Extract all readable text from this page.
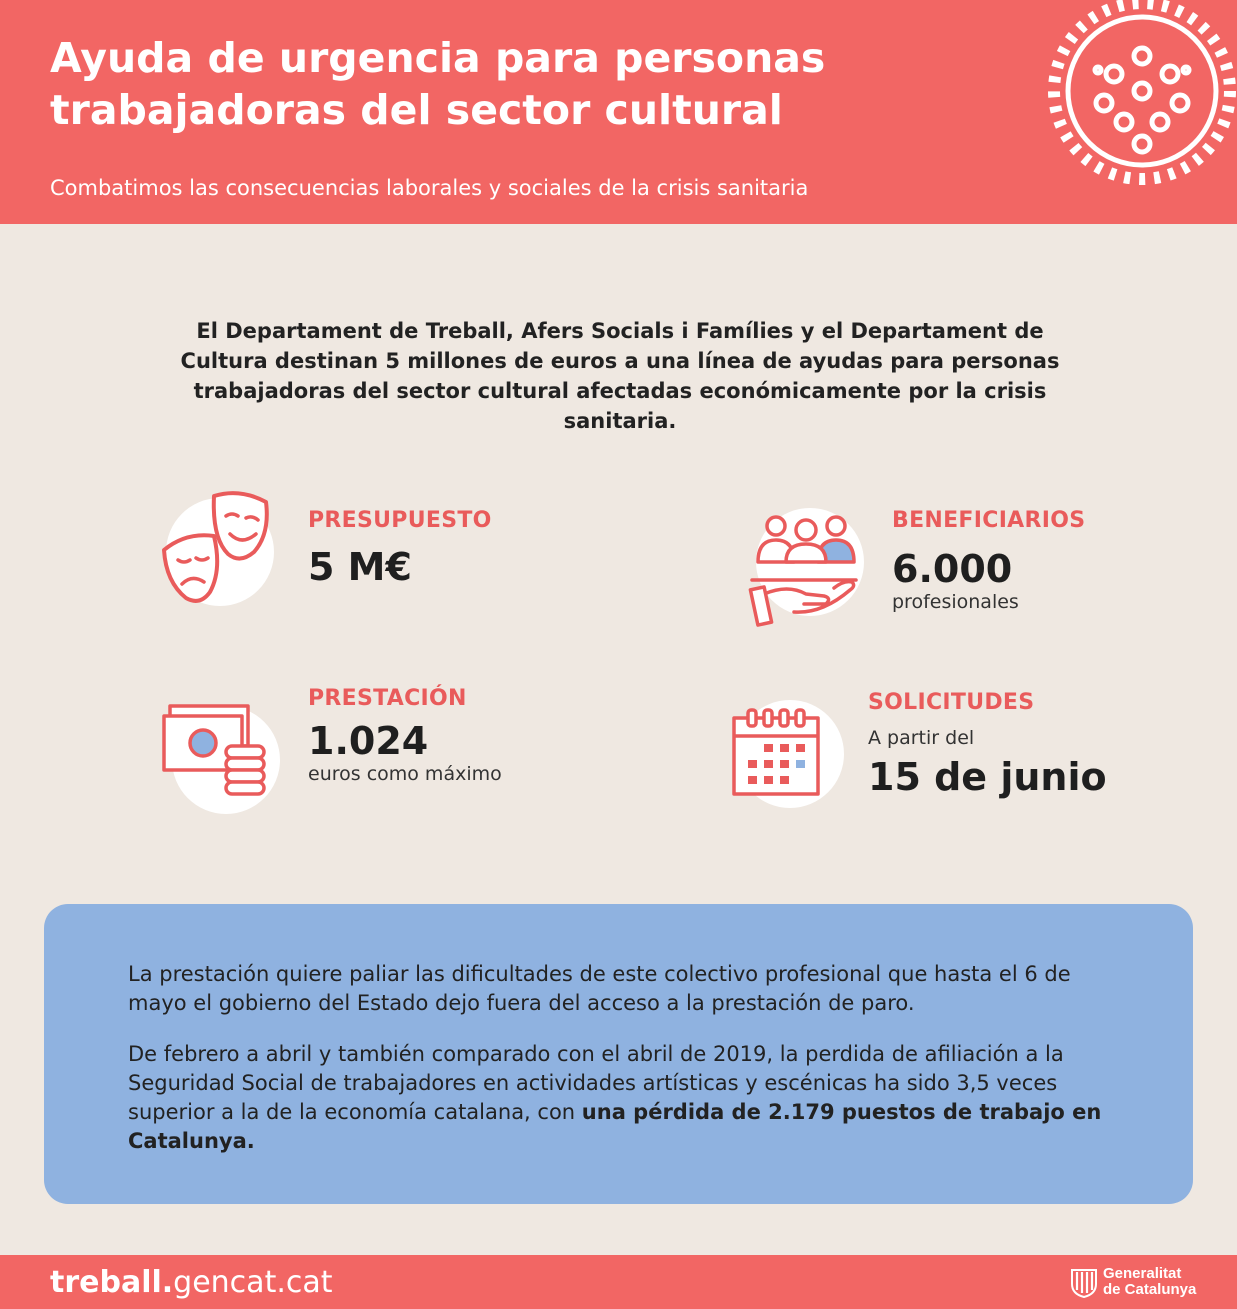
Ayuda de urgencia para personas trabajadoras del sector cultural
Combatimos las consecuencias laborales y sociales de la crisis sanitaria
El Departament de Treball, Afers Socials i Famílies y el Departament de Cultura destinan 5 millones de euros a una línea de ayudas para personas trabajadoras del sector cultural afectadas económicamente por la crisis sanitaria.
PRESUPUESTO
5 M€
BENEFICIARIOS
6.000
profesionales
PRESTACIÓN
1.024
euros como máximo
SOLICITUDES
A partir del
15 de junio

La prestación quiere paliar las dificultades de este colectivo profesional que hasta el 6 de mayo el gobierno del Estado dejo fuera del acceso a la prestación de paro.

De febrero a abril y también comparado con el abril de 2019, la perdida de afiliación a la Seguridad Social de trabajadores en actividades artísticas y escénicas ha sido 3,5 veces superior a la de la economía catalana, con una pérdida de 2.179 puestos de trabajo en Catalunya.

treball.gencat.cat	Generalitat
de Catalunya
